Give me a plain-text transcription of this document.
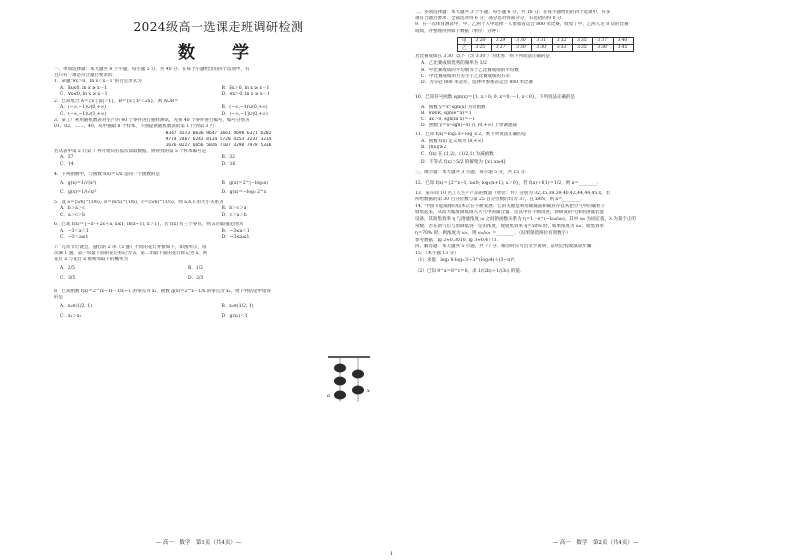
2024级高一选课走班调研检测
数　学
一、单项选择题：本大题共 8 个小题，每小题 5 分，共 40 分．在每个小题给出的四个选项中，有
且只有一项是符合题目要求的．
1．命题“∀x＞0，ln x＜x－1”的否定形式为
A．∃x≤0, ln x ≥ x－1	B．∃x＞0, ln x ≥ x－1
C．∀x≤0, ln x ≥ x－1	D．∀x＞0, ln x ≥ x－1
2．已知集合 A＝{x | |x|＞1}，B＝{x | x²＜2x}，则 A∪B＝
A．(−∞,−1)∪(0,+∞)	B．(−∞,−1)∪(0,+∞)
C．(−∞,−1)∪(1,+∞)	D．(−∞,−1]∪(0,+∞)
3．某工厂利用随机数表对生产的 40 个零件进行抽样测试，先将 40 个零件进行编号，编号分别为
01，02，……，40，从中抽取 8 个样本，下图提供随机数表的第 1 行到第 3 行：
0347 4373 8636 9647 3661 4698 6371 6202
9774 2467 6242 8114 5720 4253 3237 3214
1676 0227 6656 5026 7107 3290 7978 5336
若从表中第 2 行第 7 列开始向右依次读取数据，则得到的第 5 个样本编号是
A．37	B．32
C．14	D．16
4．下列函数中，与函数 f(x)＝1/x 是同一个函数的是
A．g(x)＝1/√(x²)	B．g(x)＝2^(−log₂x)
C．g(x)＝1/(√x)²	D．g(x)＝−log₂ 2^x
5．设 a＝(5/6)^(1/6)，b＝(6/5)^(1/6)，c＝(5/6)^(1/5)，则 a,b,c 的大小关系为
A．b＞a＞c	B．b＞c＞a
C．a＞c＞b	D．c＞a＞b
6．已知 f(x)＝{−x²＋2x＋a, x≤1; ln(x−1), x＞1}，若 f(x) 有三个零点，则 a 的取值范围为
A．−3＜a＜1	B．−3≤a＜1
C．−3＜a≤1	D．−3≤a≤1
7．元宵节灯谜会，悬挂的 2 串（5 盏）不同的花灯并排如下，如图所示，每
次摘 1 盏，第一串最下面的花灯标记为 a，第二串最下面的花灯标记为 x，则
花灯 a 与花灯 x 被相邻取下的概率为
A．2/5	B．1/2
C．3/5	D．2/3
8．已知函数 f(x)＝2^(x−1)－1/x＋1 的零点为 x₁，函数 g(x)＝2^x－1/x 的零点为 x₂，则下列结论中错误
的是
A．x₁∈(1/2, 1)	B．x₂∈(1/2, 1)
C．x₁＞x₂	D．g(x₁)＜1
— 高一　数学　第1页（共4页）—
a
x
二、多项选择题：本大题共 3 个小题，每小题 6 分，共 18 分．在每小题给出的四个选项中，有多
项符合题目要求．全部选对得 6 分，部分选对得部分分，有选错的得 0 分．
9．在一次体育测试中，甲、乙两个人中选择一人参加省运会 800 米比赛，收集了甲、乙两人近 8 次的比赛
成绩，并整理得到如下数据（单位：分钟）：
甲	3′28″	3′29″	3′30″	3′31″	3′32″	3′35″	3′37″	3′40″
乙	3′25″	3′27″	3′30″	3′30″	3′33″	3′35″	3′38″	3′45″
若比赛成绩在 3′30″ 以下（含 3′30″）为优秀．则下列说法正确的是
A．乙比赛成绩优秀的频率为 1/2
B．甲比赛成绩的平均数等于乙比赛成绩的平均数
C．甲比赛成绩的方差小于乙比赛成绩的方差
D．为夺冠 800 米冠军，选择甲参加省运会 800 米比赛
10．已知符号函数 sgn(x)＝{1, x＞0; 0, x＝0; −1, x＜0}，下列说法正确的是
A．函数 y＝x³·sgn(x) 为奇函数
B．∀x∈R, sgn(e^x)＝1
C．∃x＞0, sgn(ln x)＝−1
D．函数 y＝x²·sgn(−x) 在 (0,+∞) 上单调递减
11．已知 f(x)＝log₂ x＋log_x 2，则下列说法正确的是
A．函数 f(x) 定义域为 (0,+∞)
B．|f(x)|≥2
C．f(x) 在 (1,2)、(1/2,1) 为减函数
D．不等式 f(x)＞5/2 的解集为 {x | x≥4}
三、填空题：本大题共 3 小题，每小题 5 分，共 15 分．
12．已知 f(x)＝{2^x−1, x≤0; log₂(x+1), x＞0}，若 f(a)＋f(1)＝1/2，则 a＝________．
13．某车间 10 名工人生产产品的数量（单位：件）分别为 32,35,38,39,40,42,44,44,45,x，若
所给数据的第 30 百分位数与第 25 百分位数的均为 37，且 x∈N，则 x＝________．
14．中国节能减排的技术正在不断发展．它的关键是利用碳捕获和碳封存技术把空气中的碳粒子
收集起来，从而大幅度降低排入大气中的碳含量．这其中有不断改进，新研发的气体的溶液装置
设备，其收集效率 η 与溶液浓度 ω 之间的函数关系为 η＝1－e^(−λω/ω₀)，其中 ω₀ 为固定值，λ 为某个正的
常数．若在新气后与原降低到一定的浓度，使收集效率 η＝50% 时，如果浓度为 ω₁；收集效率
η＝70% 时，则浓度为 ω₂，则 ω₂/ω₁ ＝________．（结果保留两位有效数字）
参考数据：lg 2≈0.3010, lg 3≈0.4771．
四、解答题：本大题共 5 小题，共 77 分．解答时应写出文字说明、证明过程或演算步骤．
15．（本小题 13 分）
（1）求值：log₃ 8·log₂ 3＋3^(log₃4)＋(3−π)⁰；
（2）已知 9^a＝8^c＝6，求 1/(2b)＋1/(3c) 的值．
— 高一　数学　第2页（共4页）—
1
